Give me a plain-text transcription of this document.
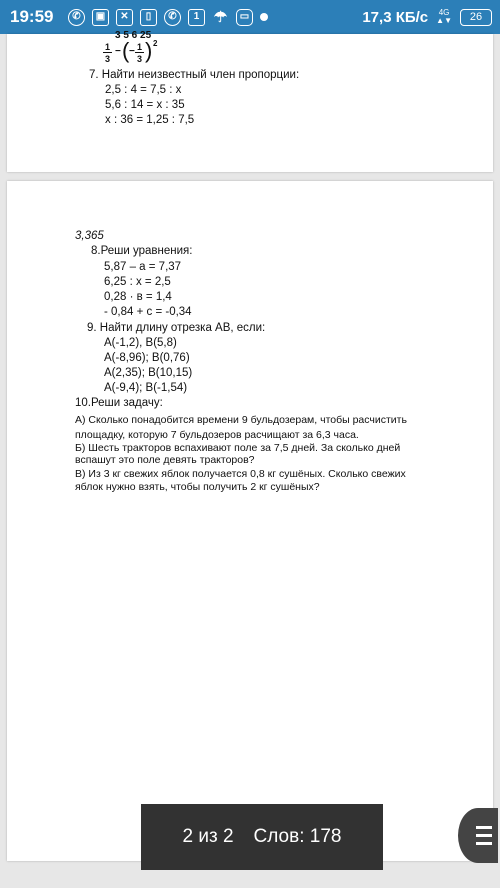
19:59	✆	▣	✕	▯	✆	1 ☂	▭	17,3 КБ/с	4G
▲▼ 26
3 5 6 25
1
3
− ( − 1
3 ) 2
7. Найти неизвестный член пропорции:
2,5 : 4 = 7,5 : x
5,6 : 14 = x : 35
x : 36 = 1,25 : 7,5
3,365
8.Реши уравнения:
5,87 – а = 7,37
6,25 : х = 2,5
0,28 · в = 1,4
- 0,84 + с = -0,34
9. Найти длину отрезка АВ, если:
А(-1,2), В(5,8)
А(-8,96); В(0,76)
А(2,35); В(10,15)
А(-9,4); В(-1,54)
10.Реши задачу:
А) Сколько понадобится времени 9 бульдозерам, чтобы расчистить
площадку, которую 7 бульдозеров расчищают за 6,3 часа.
Б) Шесть тракторов вспахивают поле за 7,5 дней. За сколько дней
вспашут это поле девять тракторов?
В) Из 3 кг свежих яблок получается 0,8 кг сушёных. Сколько свежих
яблок нужно взять, чтобы получить 2 кг сушёных?
2 из 2 Слов: 178
